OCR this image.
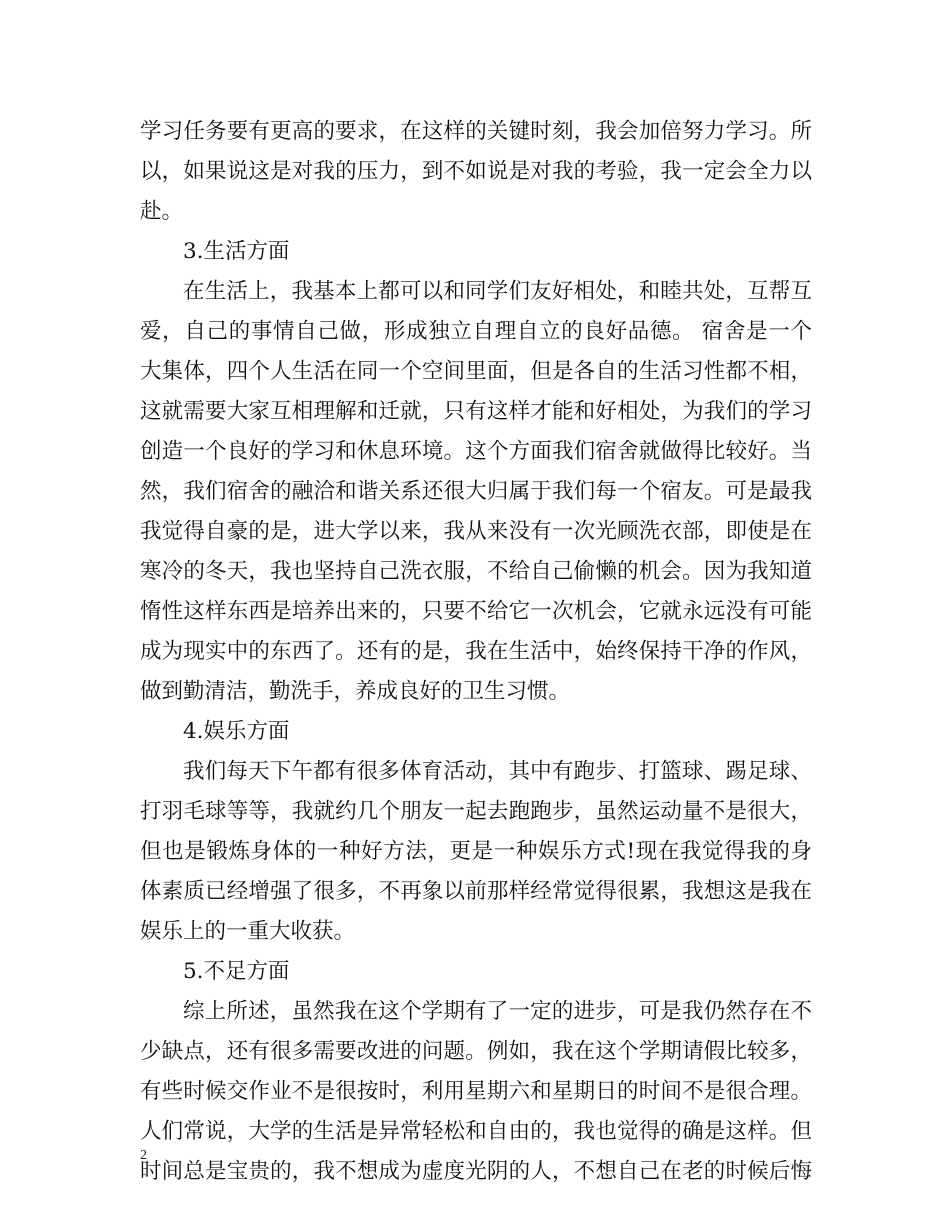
学习任务要有更高的要求，在这样的关键时刻，我会加倍努力学习。所
以，如果说这是对我的压力，到不如说是对我的考验，我一定会全力以
赴。
3.生活方面
在生活上，我基本上都可以和同学们友好相处，和睦共处，互帮互
爱，自己的事情自己做，形成独立自理自立的良好品德。 宿舍是一个
大集体，四个人生活在同一个空间里面，但是各自的生活习性都不相，
这就需要大家互相理解和迁就，只有这样才能和好相处，为我们的学习
创造一个良好的学习和休息环境。这个方面我们宿舍就做得比较好。当
然，我们宿舍的融洽和谐关系还很大归属于我们每一个宿友。可是最我
我觉得自豪的是，进大学以来，我从来没有一次光顾洗衣部，即使是在
寒冷的冬天，我也坚持自己洗衣服，不给自己偷懒的机会。因为我知道
惰性这样东西是培养出来的，只要不给它一次机会，它就永远没有可能
成为现实中的东西了。还有的是，我在生活中，始终保持干净的作风，
做到勤清洁，勤洗手，养成良好的卫生习惯。
4.娱乐方面
我们每天下午都有很多体育活动，其中有跑步、打篮球、踢足球、
打羽毛球等等，我就约几个朋友一起去跑跑步，虽然运动量不是很大，
但也是锻炼身体的一种好方法，更是一种娱乐方式!现在我觉得我的身
体素质已经增强了很多，不再象以前那样经常觉得很累，我想这是我在
娱乐上的一重大收获。
5.不足方面
综上所述，虽然我在这个学期有了一定的进步，可是我仍然存在不
少缺点，还有很多需要改进的问题。例如，我在这个学期请假比较多，
有些时候交作业不是很按时，利用星期六和星期日的时间不是很合理。
人们常说，大学的生活是异常轻松和自由的，我也觉得的确是这样。但
时间总是宝贵的，我不想成为虚度光阴的人，不想自己在老的时候后悔
2
